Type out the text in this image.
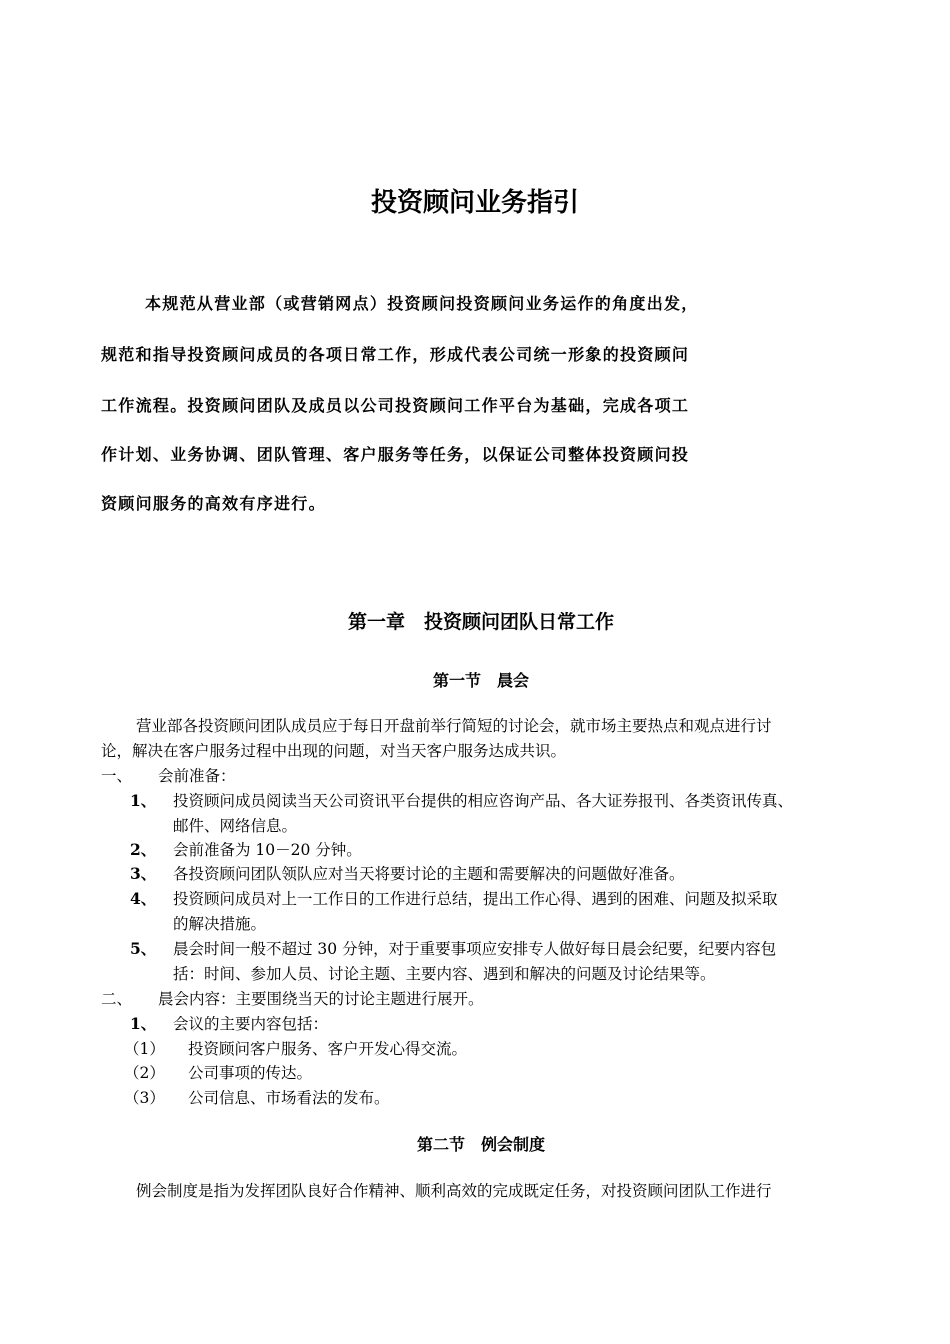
投资顾问业务指引
本规范从营业部（或营销网点）投资顾问投资顾问业务运作的角度出发，
规范和指导投资顾问成员的各项日常工作，形成代表公司统一形象的投资顾问
工作流程。投资顾问团队及成员以公司投资顾问工作平台为基础，完成各项工
作计划、业务协调、团队管理、客户服务等任务，以保证公司整体投资顾问投
资顾问服务的高效有序进行。
第一章　投资顾问团队日常工作
第一节　晨会
营业部各投资顾问团队成员应于每日开盘前举行简短的讨论会，就市场主要热点和观点进行讨
论，解决在客户服务过程中出现的问题，对当天客户服务达成共识。
一、 会前准备：
1、 投资顾问成员阅读当天公司资讯平台提供的相应咨询产品、各大证券报刊、各类资讯传真、
邮件、网络信息。
2、 会前准备为 10－20 分钟。
3、 各投资顾问团队领队应对当天将要讨论的主题和需要解决的问题做好准备。
4、 投资顾问成员对上一工作日的工作进行总结，提出工作心得、遇到的困难、问题及拟采取
的解决措施。
5、 晨会时间一般不超过 30 分钟，对于重要事项应安排专人做好每日晨会纪要，纪要内容包
括：时间、参加人员、讨论主题、主要内容、遇到和解决的问题及讨论结果等。
二、 晨会内容：主要围绕当天的讨论主题进行展开。
1、 会议的主要内容包括：
（1） 投资顾问客户服务、客户开发心得交流。
（2） 公司事项的传达。
（3） 公司信息、市场看法的发布。
第二节　例会制度
例会制度是指为发挥团队良好合作精神、顺利高效的完成既定任务，对投资顾问团队工作进行
